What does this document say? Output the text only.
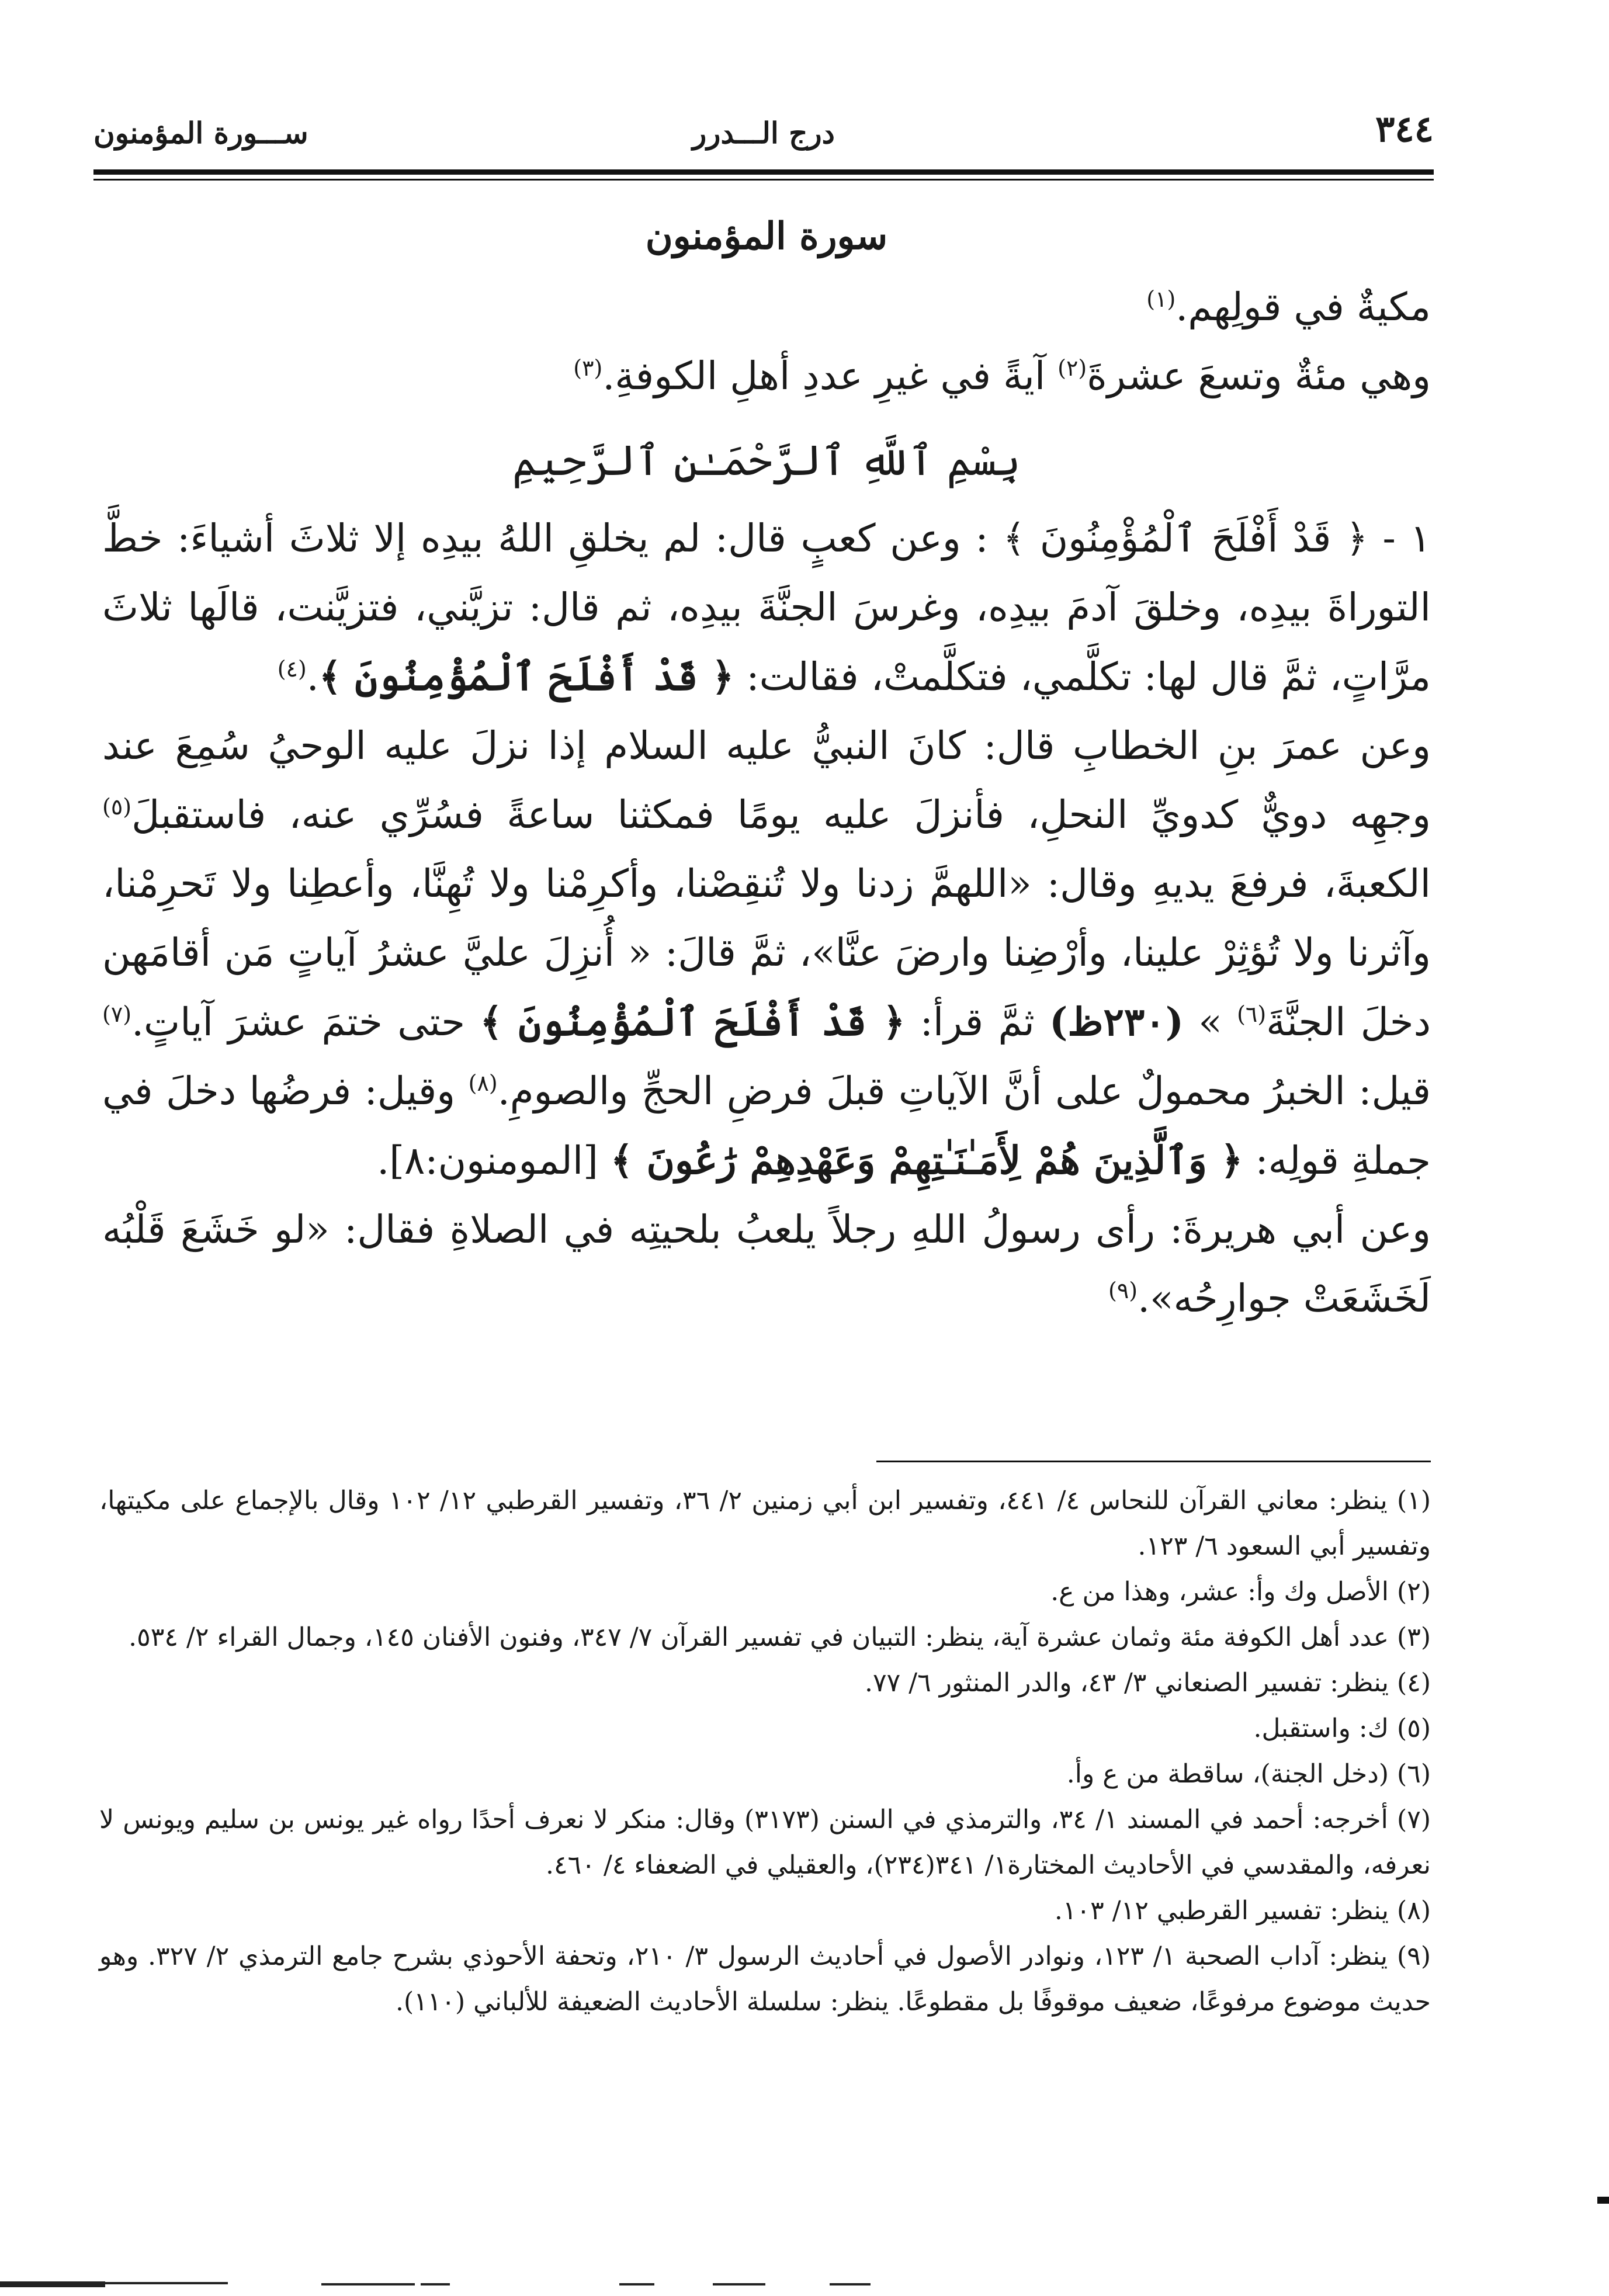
٣٤٤
درج الـــدرر
ســـورة المؤمنون
سورة المؤمنون

مكيةٌ في قولِهم.$^{(١)}$

وهي مئةٌ وتسعَ عشرةَ$^{(٢)}$ آيةً في غيرِ عددِ أهلِ الكوفةِ.$^{(٣)}$

بِسْمِ ٱللَّهِ ٱلرَّحْمَـٰنِ ٱلرَّحِيمِ

١ - ﴿ قَدْ أَفْلَحَ ٱلْمُؤْمِنُونَ ﴾ : وعن كعبٍ قال: لم يخلقِ اللهُ بيدِه إلا ثلاثَ أشياءَ: خطَّ التوراةَ بيدِه، وخلقَ آدمَ بيدِه، وغرسَ الجنَّةَ بيدِه، ثم قال: تزيَّني، فتزيَّنت، قالَها ثلاثَ مرَّاتٍ، ثمَّ قال لها: تكلَّمي، فتكلَّمتْ، فقالت: ﴿ قَدْ أَفْلَحَ ٱلْمُؤْمِنُونَ ﴾.$^{(٤)}$

وعن عمرَ بنِ الخطابِ قال: كانَ النبيُّ عليه السلام إذا نزلَ عليه الوحيُ سُمِعَ عند وجهِه دويٌّ كدويِّ النحلِ، فأنزلَ عليه يومًا فمكثنا ساعةً فسُرِّي عنه، فاستقبلَ$^{(٥)}$ الكعبةَ، فرفعَ يديهِ وقال: «اللهمَّ زدنا ولا تُنقِصْنا، وأكرِمْنا ولا تُهِنَّا، وأعطِنا ولا تَحرِمْنا، وآثرنا ولا تُؤثِرْ علينا، وأرْضِنا وارضَ عنَّا»، ثمَّ قالَ: « أُنزِلَ عليَّ عشرُ آياتٍ مَن أقامَهن دخلَ الجنَّةَ$^{(٦)}$ » (٢٣٠ظ) ثمَّ قرأ: ﴿ قَدْ أَفْلَحَ ٱلْمُؤْمِنُونَ ﴾ حتى ختمَ عشرَ آياتٍ.$^{(٧)}$ قيل: الخبرُ محمولٌ على أنَّ الآياتِ قبلَ فرضِ الحجِّ والصومِ.$^{(٨)}$ وقيل: فرضُها دخلَ في جملةِ قولِه: ﴿ وَٱلَّذِينَ هُمْ لِأَمَـٰنَـٰتِهِمْ وَعَهْدِهِمْ رَٰعُونَ ﴾ [المومنون:٨].

وعن أبي هريرةَ: رأى رسولُ اللهِ رجلاً يلعبُ بلحيتِه في الصلاةِ فقال: «لو خَشَعَ قَلْبُه لَخَشَعَتْ جوارِحُه».$^{(٩)}$

(١) ينظر: معاني القرآن للنحاس ٤/ ٤٤١، وتفسير ابن أبي زمنين ٢/ ٣٦، وتفسير القرطبي ١٢/ ١٠٢ وقال بالإجماع على مكيتها، وتفسير أبي السعود ٦/ ١٢٣.

(٢) الأصل وك وأ: عشر، وهذا من ع.

(٣) عدد أهل الكوفة مئة وثمان عشرة آية، ينظر: التبيان في تفسير القرآن ٧/ ٣٤٧، وفنون الأفنان ١٤٥، وجمال القراء ٢/ ٥٣٤.

(٤) ينظر: تفسير الصنعاني ٣/ ٤٣، والدر المنثور ٦/ ٧٧.

(٥) ك: واستقبل.

(٦) (دخل الجنة)، ساقطة من ع وأ.

(٧) أخرجه: أحمد في المسند ١/ ٣٤، والترمذي في السنن (٣١٧٣) وقال: منكر لا نعرف أحدًا رواه غير يونس بن سليم ويونس لا نعرفه، والمقدسي في الأحاديث المختارة١/ ٣٤١(٢٣٤)، والعقيلي في الضعفاء ٤/ ٤٦٠.

(٨) ينظر: تفسير القرطبي ١٢/ ١٠٣.

(٩) ينظر: آداب الصحبة ١/ ١٢٣، ونوادر الأصول في أحاديث الرسول ٣/ ٢١٠، وتحفة الأحوذي بشرح جامع الترمذي ٢/ ٣٢٧. وهو حديث موضوع مرفوعًا، ضعيف موقوفًا بل مقطوعًا. ينظر: سلسلة الأحاديث الضعيفة للألباني (١١٠).
